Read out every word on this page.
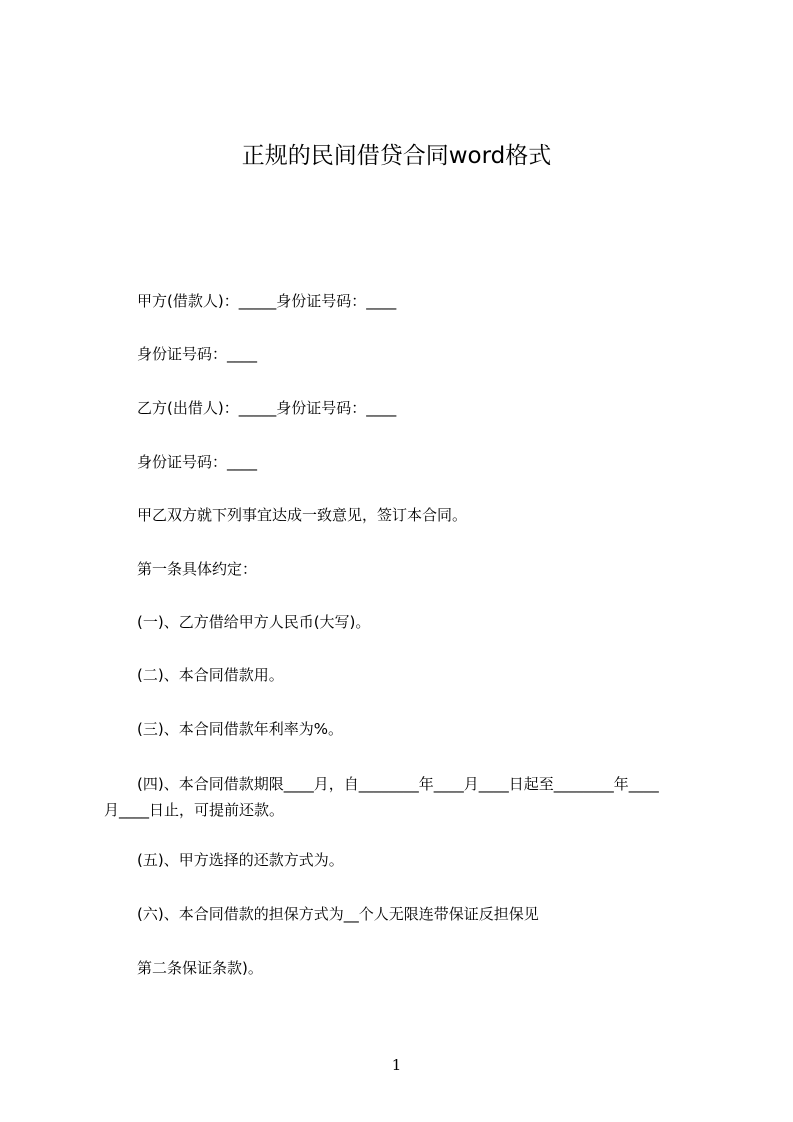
正规的民间借贷合同word格式
甲方(借款人)：_____身份证号码：____
身份证号码：____
乙方(出借人)：_____身份证号码：____
身份证号码：____
甲乙双方就下列事宜达成一致意见，签订本合同。
第一条具体约定：
(一)、乙方借给甲方人民币(大写)。
(二)、本合同借款用。
(三)、本合同借款年利率为%。
(四)、本合同借款期限____月，自________年____月____日起至________年____
月____日止，可提前还款。
(五)、甲方选择的还款方式为。
(六)、本合同借款的担保方式为__个人无限连带保证反担保见
第二条保证条款)。
1
